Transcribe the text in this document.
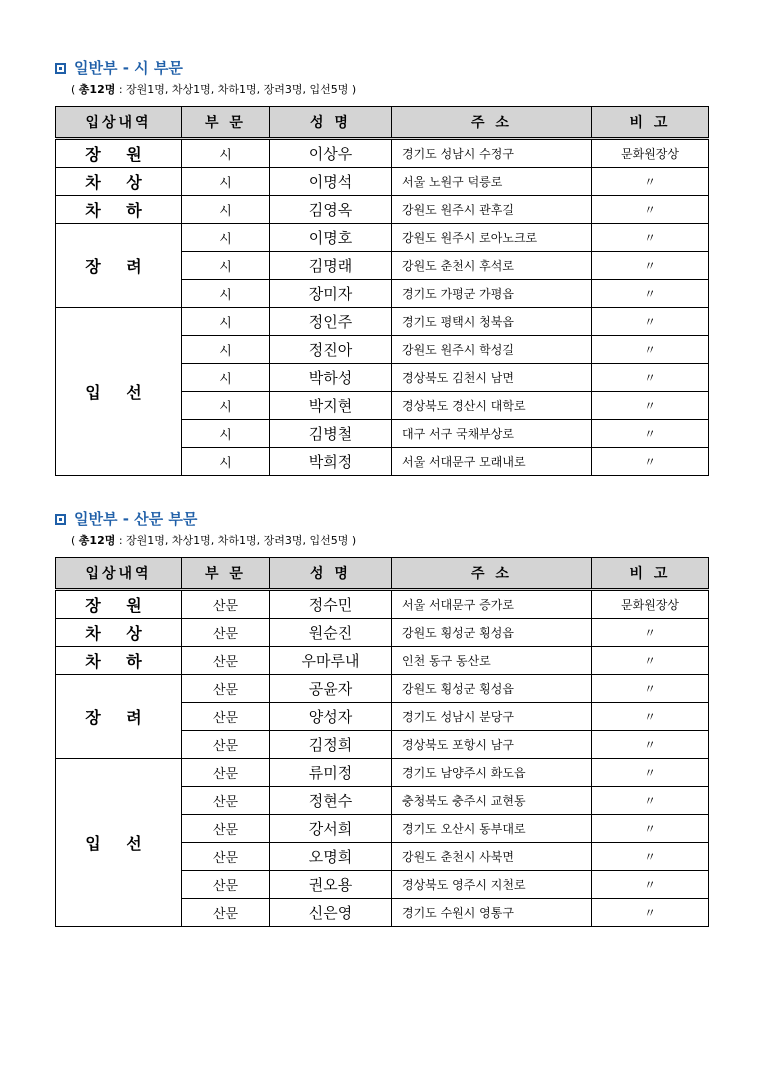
일반부 - 시 부문
( 총12명 : 장원1명, 차상1명, 차하1명, 장려3명, 입선5명 )
입상내역	부 문	성 명	주 소	비 고
장 원	시	이상우	경기도 성남시 수정구	문화원장상
차 상	시	이명석	서울 노원구 덕릉로	〃
차 하	시	김영옥	강원도 원주시 관후길	〃
장 려	시	이명호	강원도 원주시 로아노크로	〃
	시	김명래	강원도 춘천시 후석로	〃
	시	장미자	경기도 가평군 가평읍	〃
입 선	시	정인주	경기도 평택시 청북읍	〃
	시	정진아	강원도 원주시 학성길	〃
	시	박하성	경상북도 김천시 남면	〃
	시	박지현	경상북도 경산시 대학로	〃
	시	김병철	대구 서구 국채부상로	〃
	시	박희정	서울 서대문구 모래내로	〃
일반부 - 산문 부문
( 총12명 : 장원1명, 차상1명, 차하1명, 장려3명, 입선5명 )
입상내역	부 문	성 명	주 소	비 고
장 원	산문	정수민	서울 서대문구 증가로	문화원장상
차 상	산문	원순진	강원도 횡성군 횡성읍	〃
차 하	산문	우마루내	인천 동구 동산로	〃
장 려	산문	공윤자	강원도 횡성군 횡성읍	〃
	산문	양성자	경기도 성남시 분당구	〃
	산문	김정희	경상북도 포항시 남구	〃
입 선	산문	류미정	경기도 남양주시 화도읍	〃
	산문	정현수	충청북도 충주시 교현동	〃
	산문	강서희	경기도 오산시 동부대로	〃
	산문	오명희	강원도 춘천시 사북면	〃
	산문	권오용	경상북도 영주시 지천로	〃
	산문	신은영	경기도 수원시 영통구	〃
